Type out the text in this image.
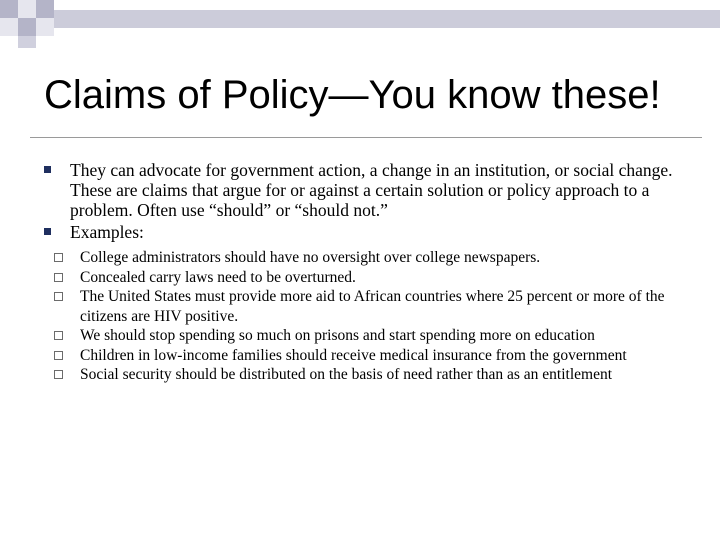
Claims of Policy—You know these!
They can advocate for government action, a change in an institution, or social change. These are claims that argue for or against a certain solution or policy approach to a problem. Often use “should” or “should not.”
Examples:
College administrators should have no oversight over college newspapers.
Concealed carry laws need to be overturned.
The United States must provide more aid to African countries where 25 percent or more of the citizens are HIV positive.
We should stop spending so much on prisons and start spending more on education
Children in low-income families should receive medical insurance from the government
Social security should be distributed on the basis of need rather than as an entitlement
